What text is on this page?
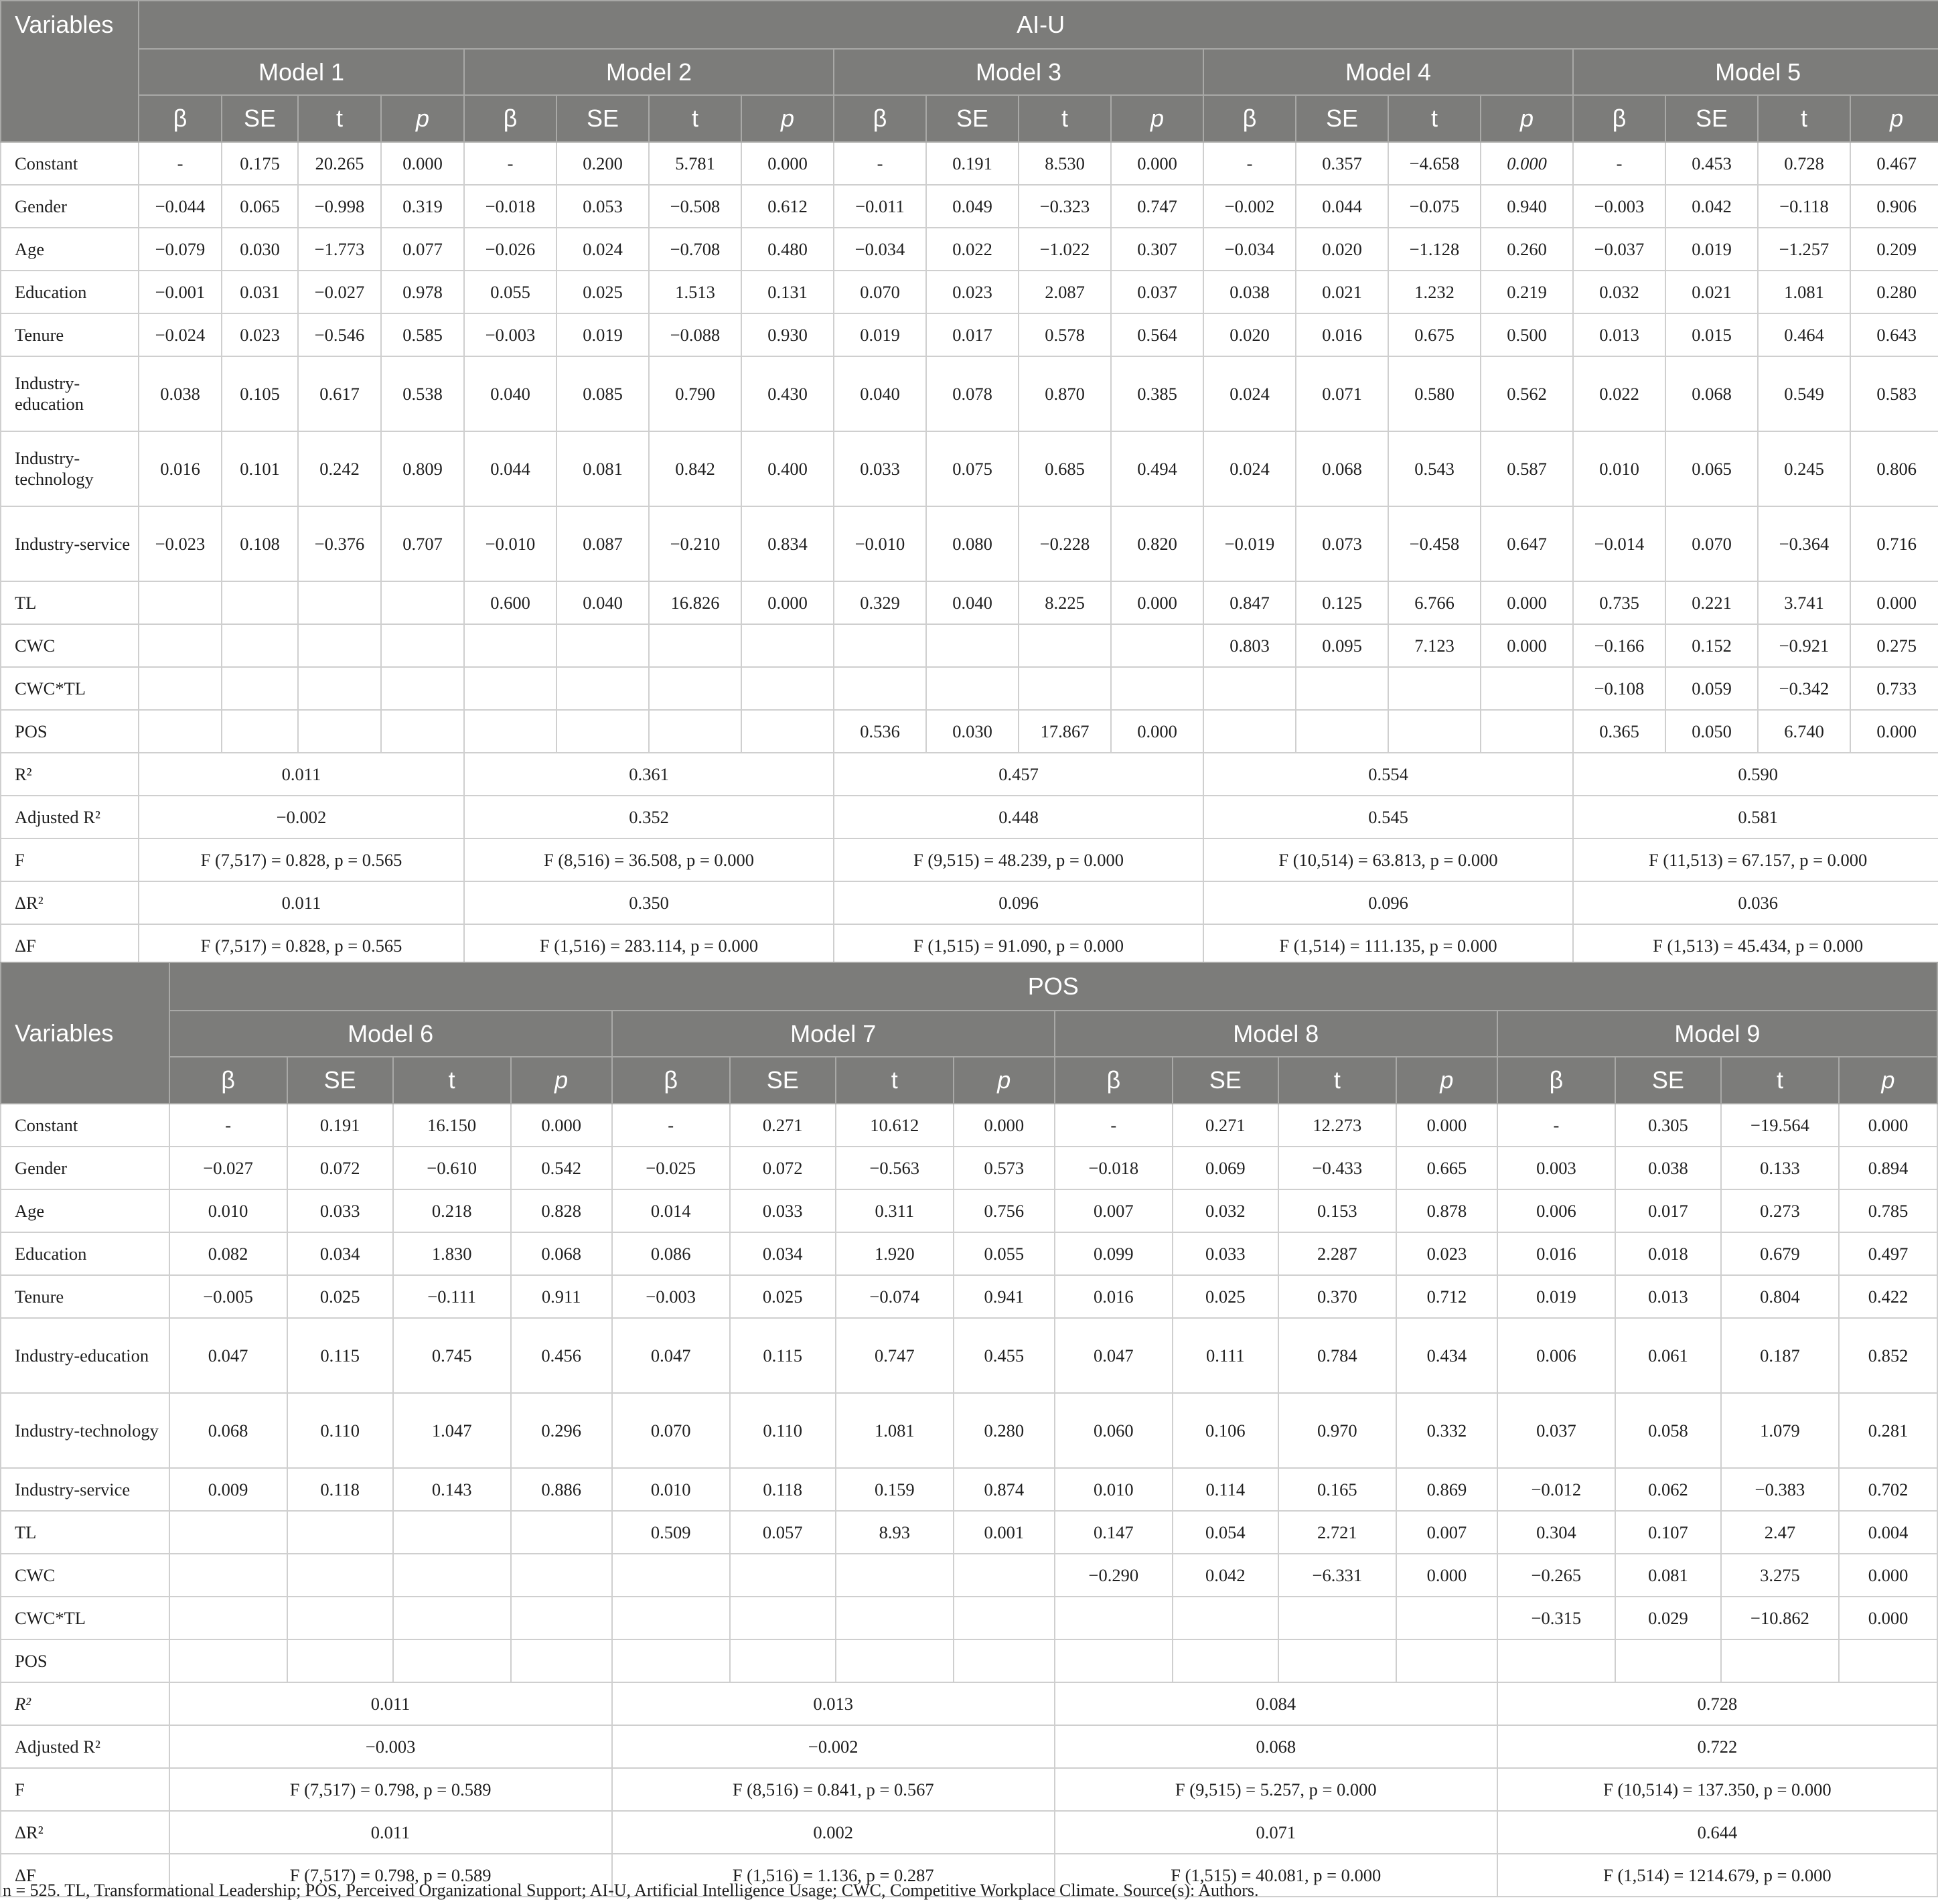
Variables	AI-U																			
	Model 1				Model 2				Model 3				Model 4				Model 5			
	β	SE	t	p	β	SE	t	p	β	SE	t	p	β	SE	t	p	β	SE	t	p
Constant	-	0.175	20.265	0.000	-	0.200	5.781	0.000	-	0.191	8.530	0.000	-	0.357	−4.658	0.000	-	0.453	0.728	0.467
Gender	−0.044	0.065	−0.998	0.319	−0.018	0.053	−0.508	0.612	−0.011	0.049	−0.323	0.747	−0.002	0.044	−0.075	0.940	−0.003	0.042	−0.118	0.906
Age	−0.079	0.030	−1.773	0.077	−0.026	0.024	−0.708	0.480	−0.034	0.022	−1.022	0.307	−0.034	0.020	−1.128	0.260	−0.037	0.019	−1.257	0.209
Education	−0.001	0.031	−0.027	0.978	0.055	0.025	1.513	0.131	0.070	0.023	2.087	0.037	0.038	0.021	1.232	0.219	0.032	0.021	1.081	0.280
Tenure	−0.024	0.023	−0.546	0.585	−0.003	0.019	−0.088	0.930	0.019	0.017	0.578	0.564	0.020	0.016	0.675	0.500	0.013	0.015	0.464	0.643
Industry-education	0.038	0.105	0.617	0.538	0.040	0.085	0.790	0.430	0.040	0.078	0.870	0.385	0.024	0.071	0.580	0.562	0.022	0.068	0.549	0.583
Industry-technology	0.016	0.101	0.242	0.809	0.044	0.081	0.842	0.400	0.033	0.075	0.685	0.494	0.024	0.068	0.543	0.587	0.010	0.065	0.245	0.806
Industry-service	−0.023	0.108	−0.376	0.707	−0.010	0.087	−0.210	0.834	−0.010	0.080	−0.228	0.820	−0.019	0.073	−0.458	0.647	−0.014	0.070	−0.364	0.716
TL					0.600	0.040	16.826	0.000	0.329	0.040	8.225	0.000	0.847	0.125	6.766	0.000	0.735	0.221	3.741	0.000
CWC													0.803	0.095	7.123	0.000	−0.166	0.152	−0.921	0.275
CWC*TL																	−0.108	0.059	−0.342	0.733
POS									0.536	0.030	17.867	0.000					0.365	0.050	6.740	0.000
R²	0.011				0.361				0.457				0.554				0.590			
Adjusted R²	−0.002				0.352				0.448				0.545				0.581			
F	F (7,517) = 0.828, p = 0.565				F (8,516) = 36.508, p = 0.000				F (9,515) = 48.239, p = 0.000				F (10,514) = 63.813, p = 0.000				F (11,513) = 67.157, p = 0.000			
ΔR²	0.011				0.350				0.096				0.096				0.036			
ΔF	F (7,517) = 0.828, p = 0.565				F (1,516) = 283.114, p = 0.000				F (1,515) = 91.090, p = 0.000				F (1,514) = 111.135, p = 0.000				F (1,513) = 45.434, p = 0.000			
Variables	POS															
	Model 6				Model 7				Model 8				Model 9			
	β	SE	t	p	β	SE	t	p	β	SE	t	p	β	SE	t	p
Constant	-	0.191	16.150	0.000	-	0.271	10.612	0.000	-	0.271	12.273	0.000	-	0.305	−19.564	0.000
Gender	−0.027	0.072	−0.610	0.542	−0.025	0.072	−0.563	0.573	−0.018	0.069	−0.433	0.665	0.003	0.038	0.133	0.894
Age	0.010	0.033	0.218	0.828	0.014	0.033	0.311	0.756	0.007	0.032	0.153	0.878	0.006	0.017	0.273	0.785
Education	0.082	0.034	1.830	0.068	0.086	0.034	1.920	0.055	0.099	0.033	2.287	0.023	0.016	0.018	0.679	0.497
Tenure	−0.005	0.025	−0.111	0.911	−0.003	0.025	−0.074	0.941	0.016	0.025	0.370	0.712	0.019	0.013	0.804	0.422
Industry-education	0.047	0.115	0.745	0.456	0.047	0.115	0.747	0.455	0.047	0.111	0.784	0.434	0.006	0.061	0.187	0.852
Industry-technology	0.068	0.110	1.047	0.296	0.070	0.110	1.081	0.280	0.060	0.106	0.970	0.332	0.037	0.058	1.079	0.281
Industry-service	0.009	0.118	0.143	0.886	0.010	0.118	0.159	0.874	0.010	0.114	0.165	0.869	−0.012	0.062	−0.383	0.702
TL					0.509	0.057	8.93	0.001	0.147	0.054	2.721	0.007	0.304	0.107	2.47	0.004
CWC									−0.290	0.042	−6.331	0.000	−0.265	0.081	3.275	0.000
CWC*TL													−0.315	0.029	−10.862	0.000
POS																
R²	0.011				0.013				0.084				0.728			
Adjusted R²	−0.003				−0.002				0.068				0.722			
F	F (7,517) = 0.798, p = 0.589				F (8,516) = 0.841, p = 0.567				F (9,515) = 5.257, p = 0.000				F (10,514) = 137.350, p = 0.000			
ΔR²	0.011				0.002				0.071				0.644			
ΔF	F (7,517) = 0.798, p = 0.589				F (1,516) = 1.136, p = 0.287				F (1,515) = 40.081, p = 0.000				F (1,514) = 1214.679, p = 0.000			
n = 525. TL, Transformational Leadership; POS, Perceived Organizational Support; AI-U, Artificial Intelligence Usage; CWC, Competitive Workplace Climate. Source(s): Authors.
